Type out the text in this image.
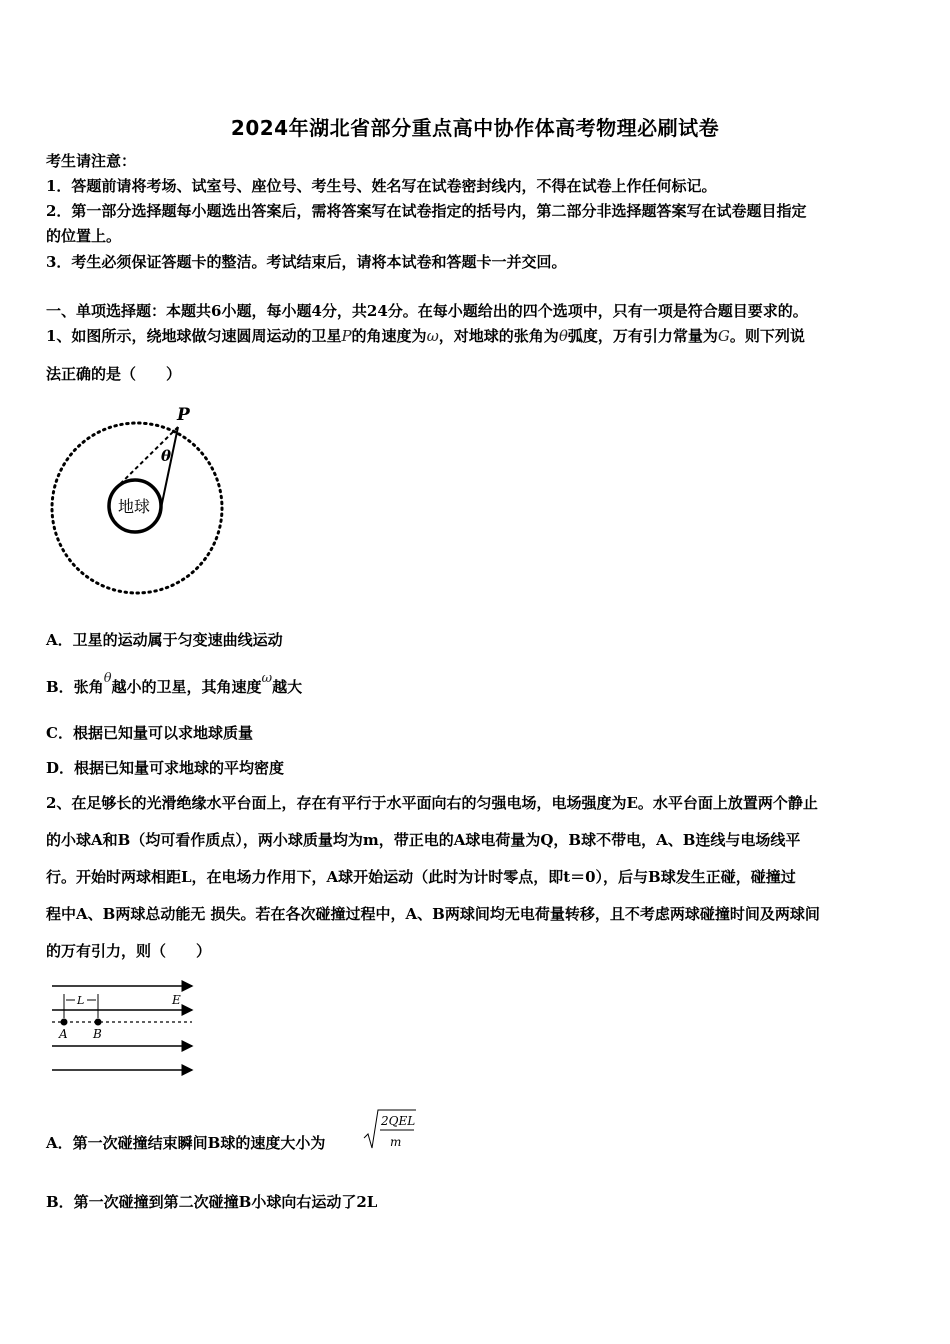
2024年湖北省部分重点高中协作体高考物理必刷试卷
考生请注意：
1．答题前请将考场、试室号、座位号、考生号、姓名写在试卷密封线内，不得在试卷上作任何标记。
2．第一部分选择题每小题选出答案后，需将答案写在试卷指定的括号内，第二部分非选择题答案写在试卷题目指定
的位置上。
3．考生必须保证答题卡的整洁。考试结束后，请将本试卷和答题卡一并交回。
一、单项选择题：本题共6小题，每小题4分，共24分。在每小题给出的四个选项中，只有一项是符合题目要求的。
1、如图所示，绕地球做匀速圆周运动的卫星P的角速度为ω，对地球的张角为θ弧度，万有引力常量为G。则下列说
法正确的是（　　）
P
θ
地球
A．卫星的运动属于匀变速曲线运动
B．张角θ越小的卫星，其角速度ω越大
C．根据已知量可以求地球质量
D．根据已知量可求地球的平均密度
2、在足够长的光滑绝缘水平台面上，存在有平行于水平面向右的匀强电场，电场强度为E。水平台面上放置两个静止
的小球A和B（均可看作质点），两小球质量均为m，带正电的A球电荷量为Q，B球不带电，A、B连线与电场线平
行。开始时两球相距L，在电场力作用下，A球开始运动（此时为计时零点，即t＝0），后与B球发生正碰，碰撞过
程中A、B两球总动能无 损失。若在各次碰撞过程中，A、B两球间均无电荷量转移，且不考虑两球碰撞时间及两球间
的万有引力，则（　　）
L	E
A B
A．第一次碰撞结束瞬间B球的速度大小为
2QEL
m
B．第一次碰撞到第二次碰撞B小球向右运动了2L
